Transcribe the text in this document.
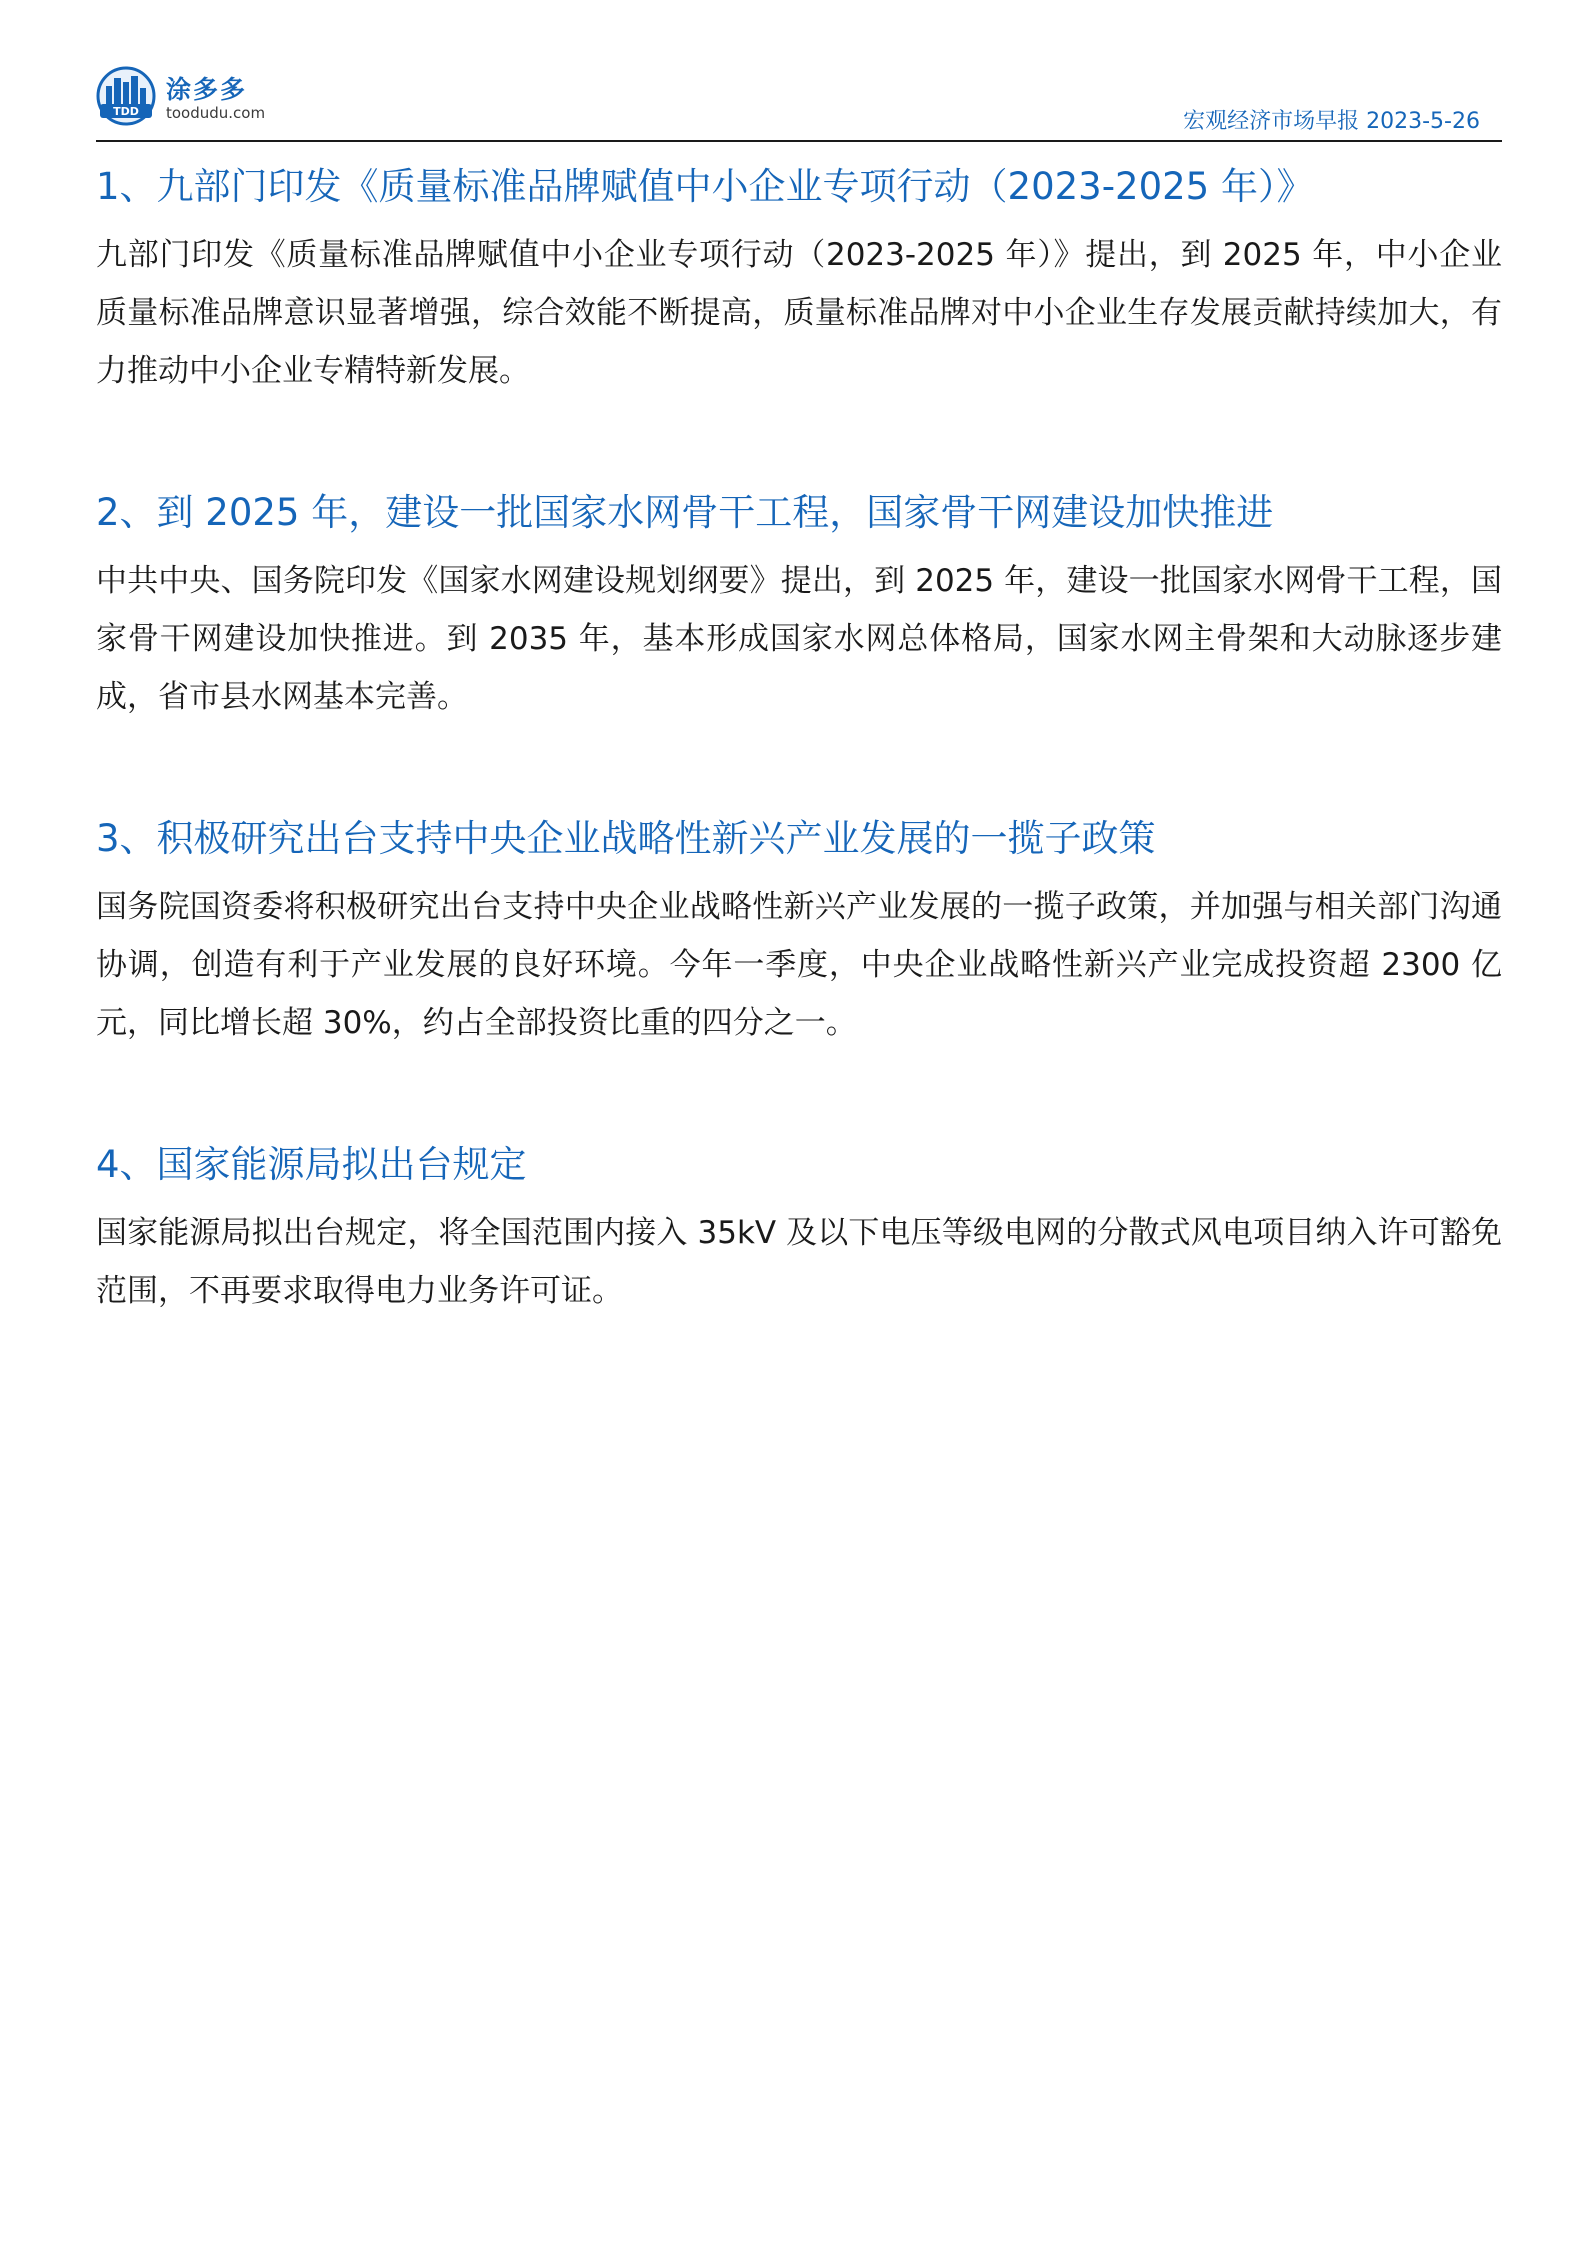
TDD
涂多多
toodudu.com	宏观经济市场早报 2023-5-26
1、九部门印发《质量标准品牌赋值中小企业专项行动（2023-2025 年）》

九部门印发《质量标准品牌赋值中小企业专项行动（2023-2025 年）》提出，到 2025 年，中小企业质量标准品牌意识显著增强，综合效能不断提高，质量标准品牌对中小企业生存发展贡献持续加大，有力推动中小企业专精特新发展。

2、到 2025 年，建设一批国家水网骨干工程，国家骨干网建设加快推进

中共中央、国务院印发《国家水网建设规划纲要》提出，到 2025 年，建设一批国家水网骨干工程，国家骨干网建设加快推进。到 2035 年，基本形成国家水网总体格局，国家水网主骨架和大动脉逐步建成，省市县水网基本完善。

3、积极研究出台支持中央企业战略性新兴产业发展的一揽子政策

国务院国资委将积极研究出台支持中央企业战略性新兴产业发展的一揽子政策，并加强与相关部门沟通协调，创造有利于产业发展的良好环境。今年一季度，中央企业战略性新兴产业完成投资超 2300 亿元，同比增长超 30%，约占全部投资比重的四分之一。

4、国家能源局拟出台规定

国家能源局拟出台规定，将全国范围内接入 35kV 及以下电压等级电网的分散式风电项目纳入许可豁免范围，不再要求取得电力业务许可证。
